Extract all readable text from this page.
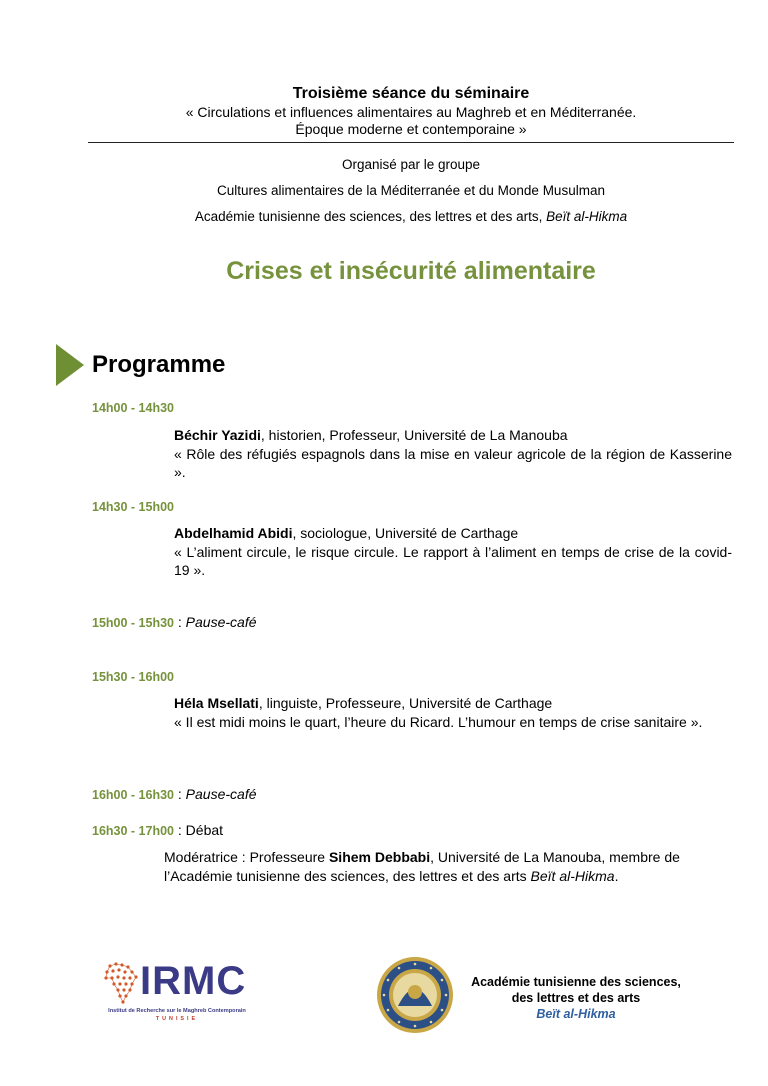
Troisième séance du séminaire
« Circulations et influences alimentaires au Maghreb et en Méditerranée.
Époque moderne et contemporaine »
Organisé par le groupe
Cultures alimentaires de la Méditerranée et du Monde Musulman
Académie tunisienne des sciences, des lettres et des arts, Beït al-Hikma
Crises et insécurité alimentaire
Programme
14h00 - 14h30
Béchir Yazidi, historien, Professeur, Université de La Manouba
« Rôle des réfugiés espagnols dans la mise en valeur agricole de la région de Kasserine ».
14h30 - 15h00
Abdelhamid Abidi, sociologue, Université de Carthage
« L’aliment circule, le risque circule. Le rapport à l’aliment en temps de crise de la covid-19 ».
15h00 - 15h30 : Pause-café
15h30 - 16h00
Héla Msellati, linguiste, Professeure, Université de Carthage
« Il est midi moins le quart, l’heure du Ricard. L’humour en temps de crise sanitaire ».
16h00 - 16h30 : Pause-café
16h30 - 17h00 : Débat
Modératrice : Professeure Sihem Debbabi, Université de La Manouba, membre de l’Académie tunisienne des sciences, des lettres et des arts Beït al-Hikma.
IRMC
Institut de Recherche sur le Maghreb Contemporain
TUNISIE
Académie tunisienne des sciences,
des lettres et des arts
Beït al-Hikma
